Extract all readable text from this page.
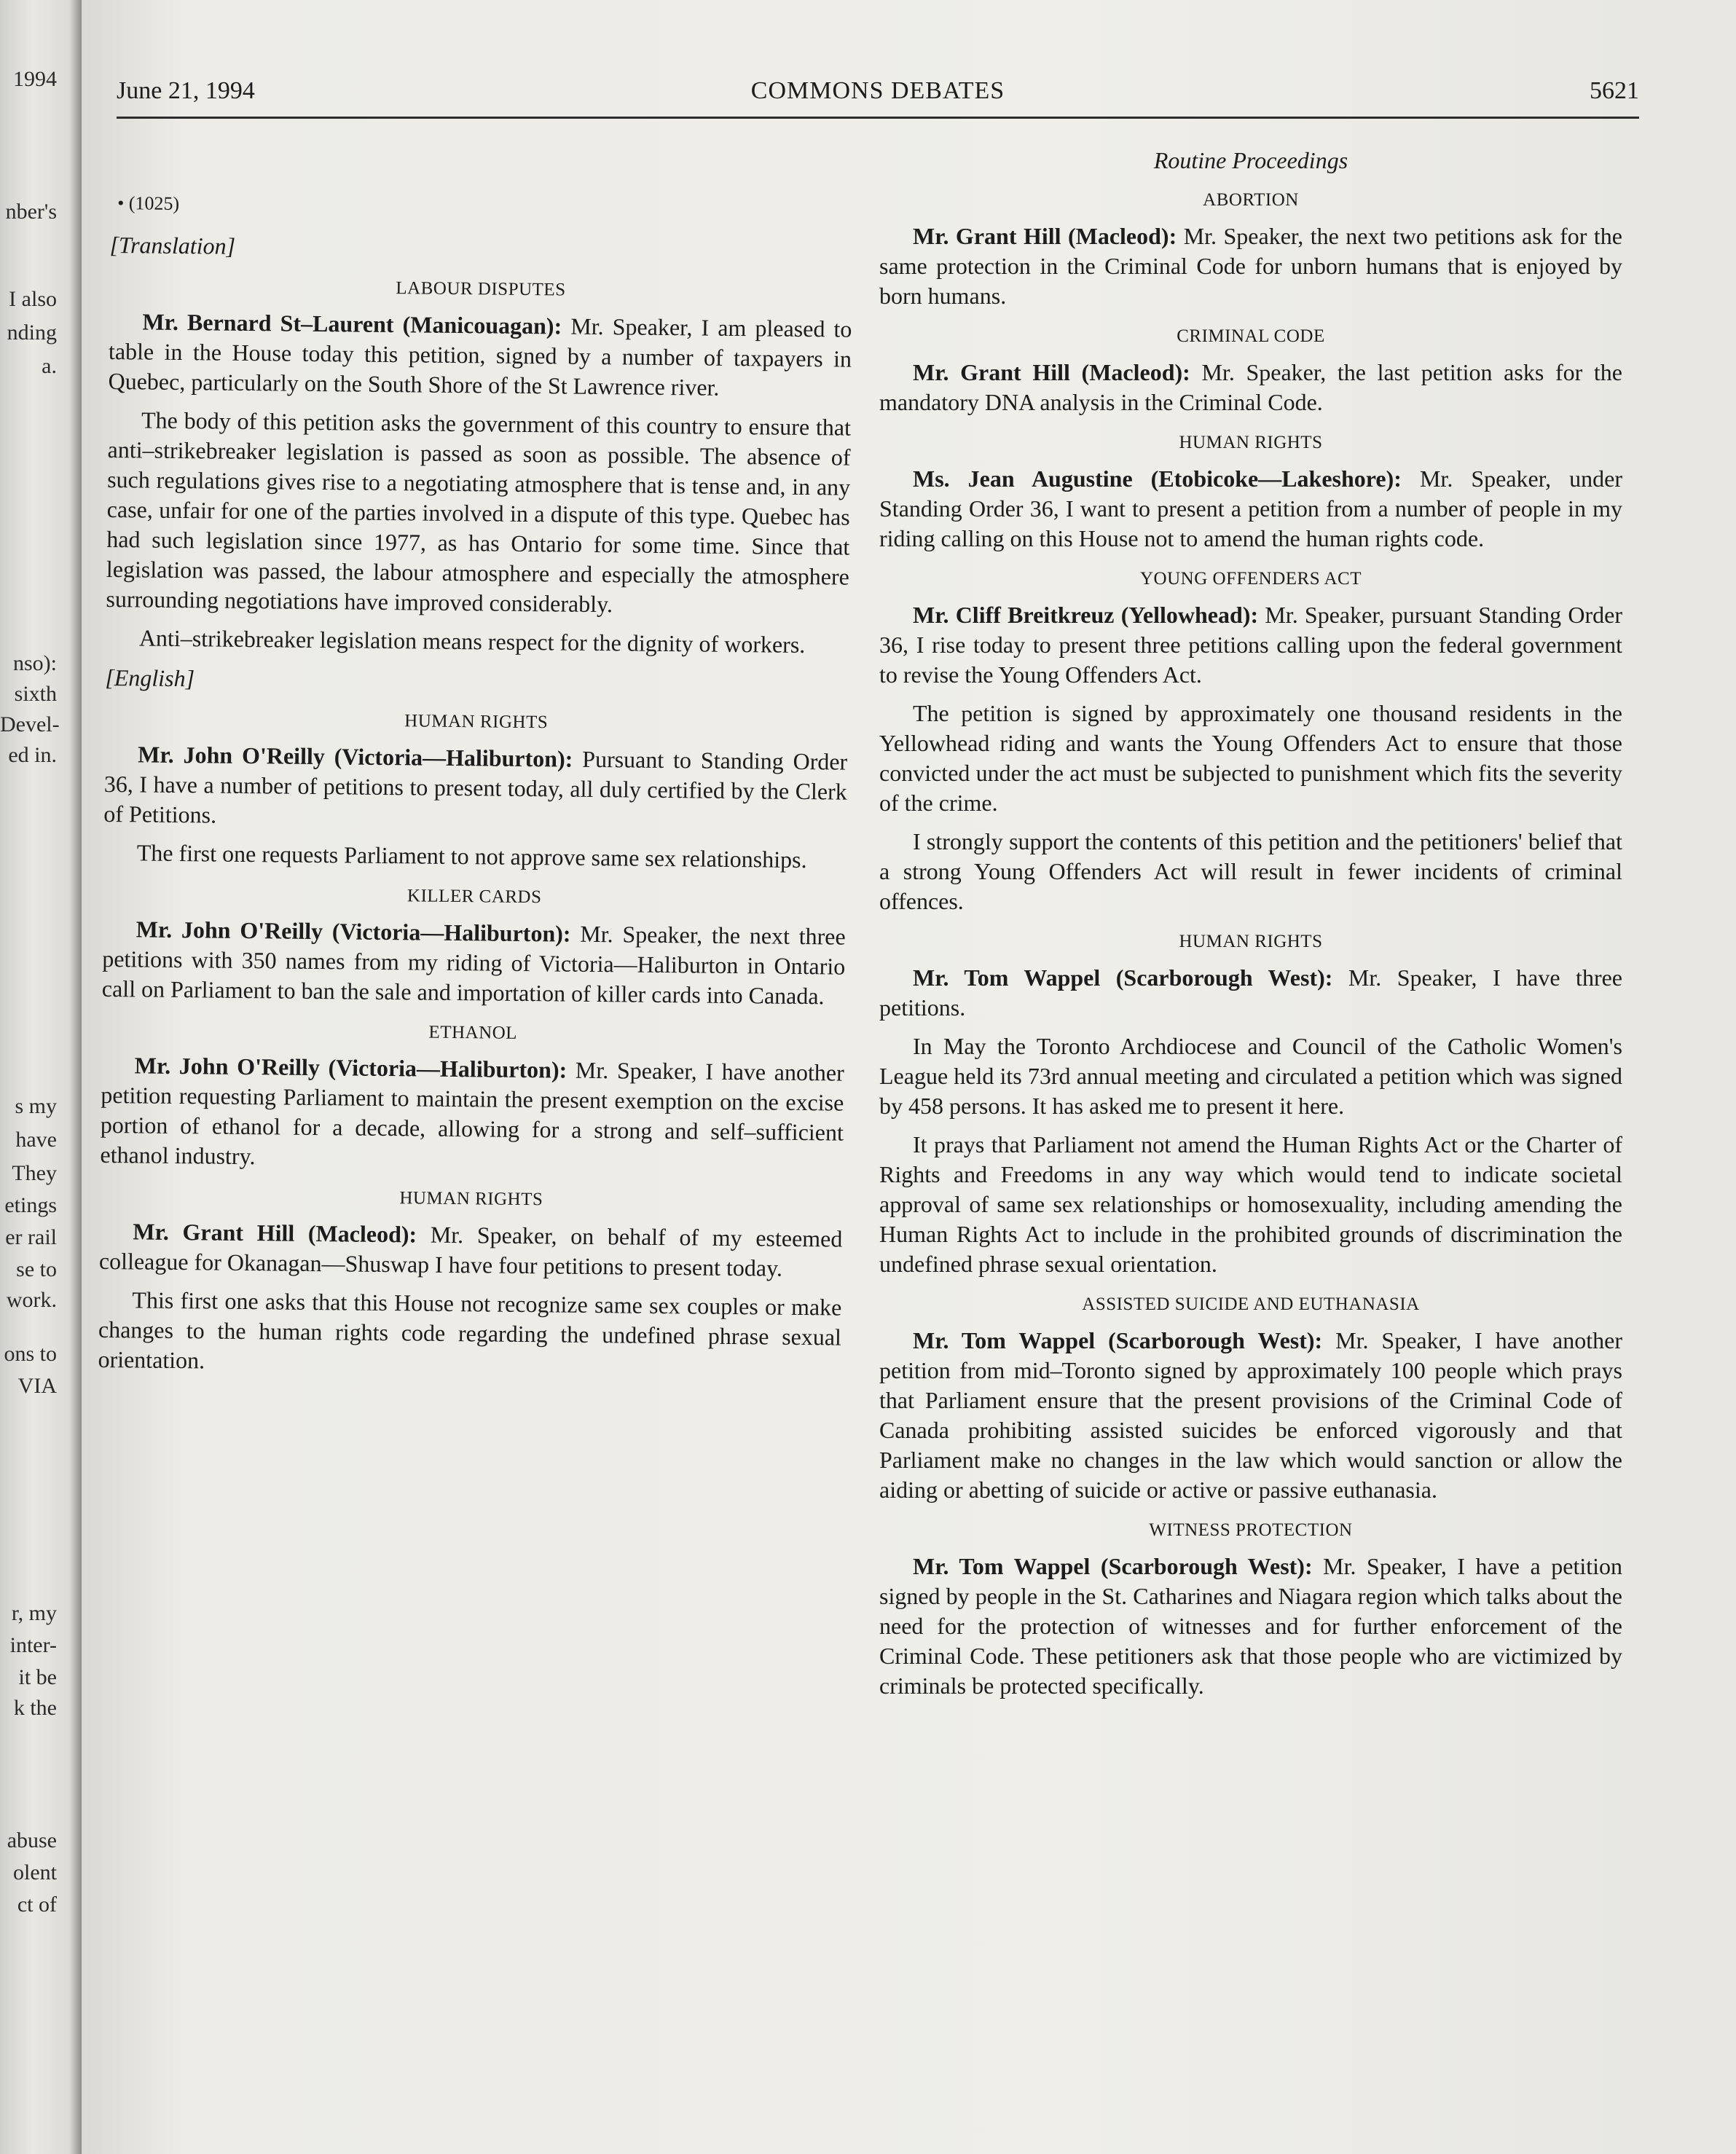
1994
nber's
I also
nding
a.
nso):
sixth
Devel-
ed in.
s my
have
They
etings
er rail
se to
work.
ons to
VIA
r, my
inter-
it be
k the
abuse
olent
ct of
June 21, 1994	COMMONS DEBATES	5621
• (1025)
[Translation]
LABOUR DISPUTES

Mr. Bernard St–Laurent (Manicouagan): Mr. Speaker, I am pleased to table in the House today this petition, signed by a number of taxpayers in Quebec, particularly on the South Shore of the St Lawrence river.

The body of this petition asks the government of this country to ensure that anti–strikebreaker legislation is passed as soon as possible. The absence of such regulations gives rise to a negotiating atmosphere that is tense and, in any case, unfair for one of the parties involved in a dispute of this type. Quebec has had such legislation since 1977, as has Ontario for some time. Since that legislation was passed, the labour atmosphere and especially the atmosphere surrounding negotiations have improved considerably.

Anti–strikebreaker legislation means respect for the dignity of workers.

[English]
HUMAN RIGHTS

Mr. John O'Reilly (Victoria—Haliburton): Pursuant to Standing Order 36, I have a number of petitions to present today, all duly certified by the Clerk of Petitions.

The first one requests Parliament to not approve same sex relationships.

KILLER CARDS

Mr. John O'Reilly (Victoria—Haliburton): Mr. Speaker, the next three petitions with 350 names from my riding of Victoria—Haliburton in Ontario call on Parliament to ban the sale and importation of killer cards into Canada.

ETHANOL

Mr. John O'Reilly (Victoria—Haliburton): Mr. Speaker, I have another petition requesting Parliament to maintain the present exemption on the excise portion of ethanol for a decade, allowing for a strong and self–sufficient ethanol industry.

HUMAN RIGHTS

Mr. Grant Hill (Macleod): Mr. Speaker, on behalf of my esteemed colleague for Okanagan—Shuswap I have four petitions to present today.

This first one asks that this House not recognize same sex couples or make changes to the human rights code regarding the undefined phrase sexual orientation.

Routine Proceedings
ABORTION

Mr. Grant Hill (Macleod): Mr. Speaker, the next two petitions ask for the same protection in the Criminal Code for unborn humans that is enjoyed by born humans.

CRIMINAL CODE

Mr. Grant Hill (Macleod): Mr. Speaker, the last petition asks for the mandatory DNA analysis in the Criminal Code.

HUMAN RIGHTS

Ms. Jean Augustine (Etobicoke—Lakeshore): Mr. Speaker, under Standing Order 36, I want to present a petition from a number of people in my riding calling on this House not to amend the human rights code.

YOUNG OFFENDERS ACT

Mr. Cliff Breitkreuz (Yellowhead): Mr. Speaker, pursuant Standing Order 36, I rise today to present three petitions calling upon the federal government to revise the Young Offenders Act.

The petition is signed by approximately one thousand residents in the Yellowhead riding and wants the Young Offenders Act to ensure that those convicted under the act must be subjected to punishment which fits the severity of the crime.

I strongly support the contents of this petition and the petitioners' belief that a strong Young Offenders Act will result in fewer incidents of criminal offences.

HUMAN RIGHTS

Mr. Tom Wappel (Scarborough West): Mr. Speaker, I have three petitions.

In May the Toronto Archdiocese and Council of the Catholic Women's League held its 73rd annual meeting and circulated a petition which was signed by 458 persons. It has asked me to present it here.

It prays that Parliament not amend the Human Rights Act or the Charter of Rights and Freedoms in any way which would tend to indicate societal approval of same sex relationships or homosexuality, including amending the Human Rights Act to include in the prohibited grounds of discrimination the undefined phrase sexual orientation.

ASSISTED SUICIDE AND EUTHANASIA

Mr. Tom Wappel (Scarborough West): Mr. Speaker, I have another petition from mid–Toronto signed by approximately 100 people which prays that Parliament ensure that the present provisions of the Criminal Code of Canada prohibiting assisted suicides be enforced vigorously and that Parliament make no changes in the law which would sanction or allow the aiding or abetting of suicide or active or passive euthanasia.

WITNESS PROTECTION

Mr. Tom Wappel (Scarborough West): Mr. Speaker, I have a petition signed by people in the St. Catharines and Niagara region which talks about the need for the protection of witnesses and for further enforcement of the Criminal Code. These petitioners ask that those people who are victimized by criminals be protected specifically.
